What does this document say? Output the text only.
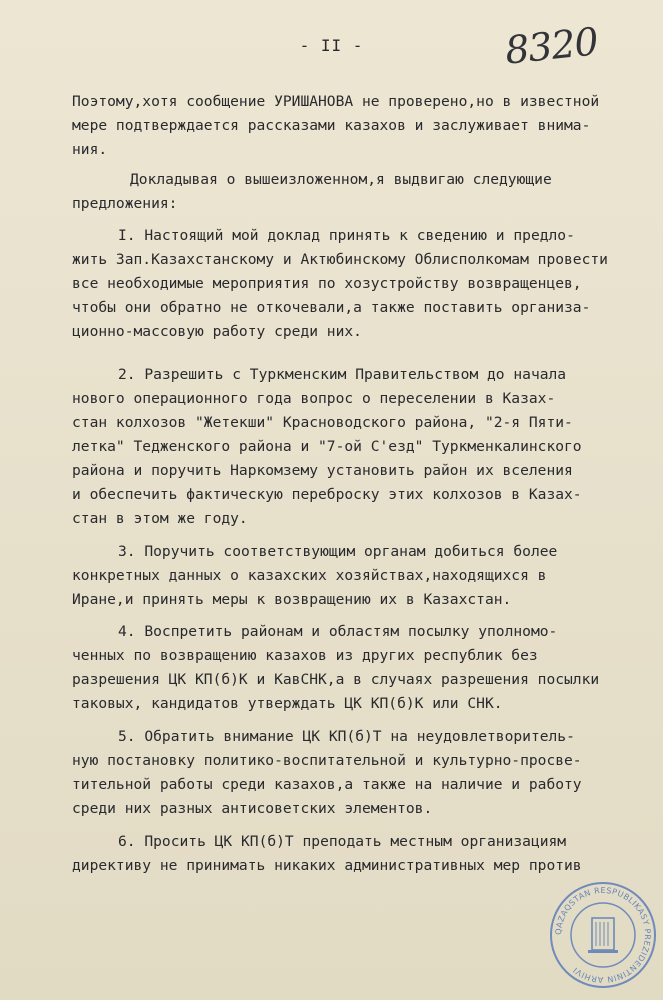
- II -	8320
Поэтому,хотя сообщение УРИШАНОВА не проверено,но в известной
мере подтверждается рассказами казахов и заслуживает внима-
ния.
Докладывая о вышеизложенном,я выдвигаю следующие
предложения:
I. Настоящий мой доклад принять к сведению и предло-
жить Зап.Казахстанскому и Актюбинскому Облисполкомам провести
все необходимые мероприятия по хозустройству возвращенцев,
чтобы они обратно не откочевали,а также поставить организа-
ционно-массовую работу среди них.
2. Разрешить с Туркменским Правительством до начала
нового операционного года вопрос о переселении в Казах-
стан колхозов "Жетекши" Красноводского района, "2-я Пяти-
летка" Тедженского района и "7-ой С'езд" Туркменкалинского
района и поручить Наркомзему установить район их вселения
и обеспечить фактическую переброску этих колхозов в Казах-
стан в этом же году.
3. Поручить соответствующим органам добиться более
конкретных данных о казахских хозяйствах,находящихся в
Иране,и принять меры к возвращению их в Казахстан.
4. Воспретить районам и областям посылку уполномо-
ченных по возвращению казахов из других республик без
разрешения ЦК КП(б)К и КавСНК,а в случаях разрешения посылки
таковых, кандидатов утверждать ЦК КП(б)К или СНК.
5. Обратить внимание ЦК КП(б)Т на неудовлетворитель-
ную постановку политико-воспитательной и культурно-просве-
тительной работы среди казахов,а также на наличие и работу
среди них разных антисоветских элементов.
6. Просить ЦК КП(б)Т преподать местным организациям
директиву не принимать никаких административных мер против
QAZAQSTAN RESPUBLIKASY PREZIDENTININ ARHIVI
